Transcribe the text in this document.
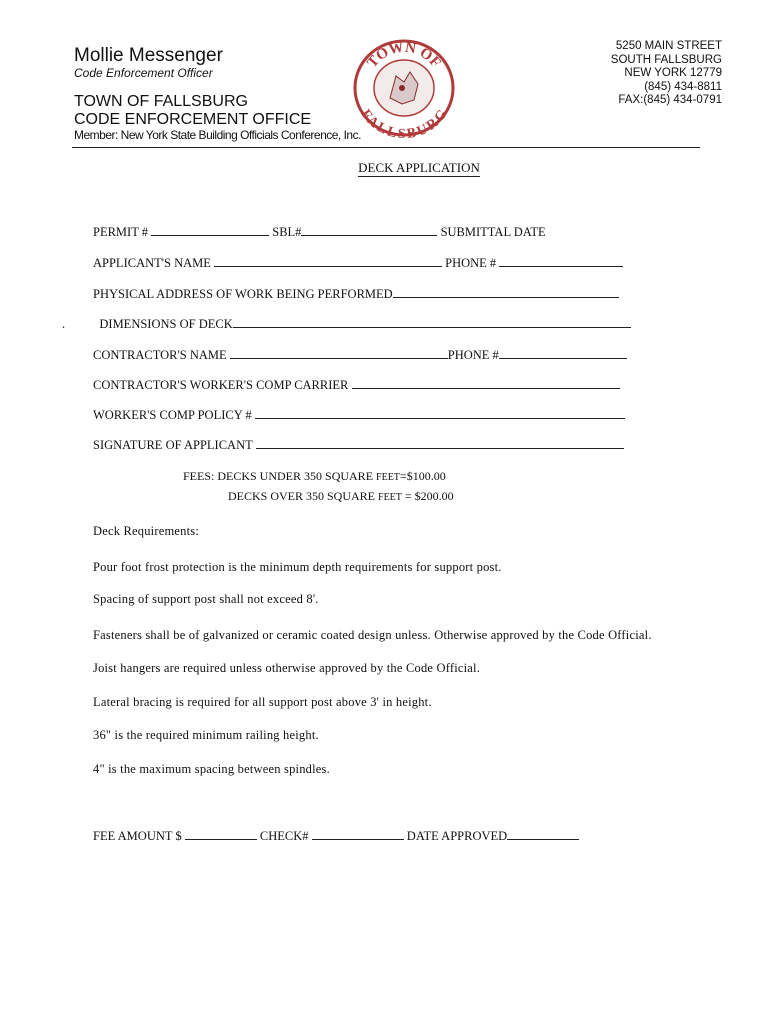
Mollie Messenger
Code Enforcement Officer
TOWN OF FALLSBURG
CODE ENFORCEMENT OFFICE
Member: New York State Building Officials Conference, Inc.
TOWN OF
FALLSBURG
5250 MAIN STREET
SOUTH FALLSBURG
NEW YORK 12779
(845) 434-8811
FAX:(845) 434-0791
DECK APPLICATION
PERMIT #	SBL#	SUBMITTAL DATE
APPLICANT'S NAME	PHONE #
PHYSICAL ADDRESS OF WORK BEING PERFORMED
.	DIMENSIONS OF DECK
CONTRACTOR'S NAME	PHONE #
CONTRACTOR'S WORKER'S COMP CARRIER
WORKER'S COMP POLICY #
SIGNATURE OF APPLICANT
FEES: DECKS UNDER 350 SQUARE FEET=$100.00
DECKS OVER 350 SQUARE FEET = $200.00
Deck Requirements:
Pour foot frost protection is the minimum depth requirements for support post.
Spacing of support post shall not exceed 8'.
Fasteners shall be of galvanized or ceramic coated design unless. Otherwise approved by the Code Official.
Joist hangers are required unless otherwise approved by the Code Official.
Lateral bracing is required for all support post above 3' in height.
36" is the required minimum railing height.
4" is the maximum spacing between spindles.
FEE AMOUNT $	CHECK#	DATE APPROVED
